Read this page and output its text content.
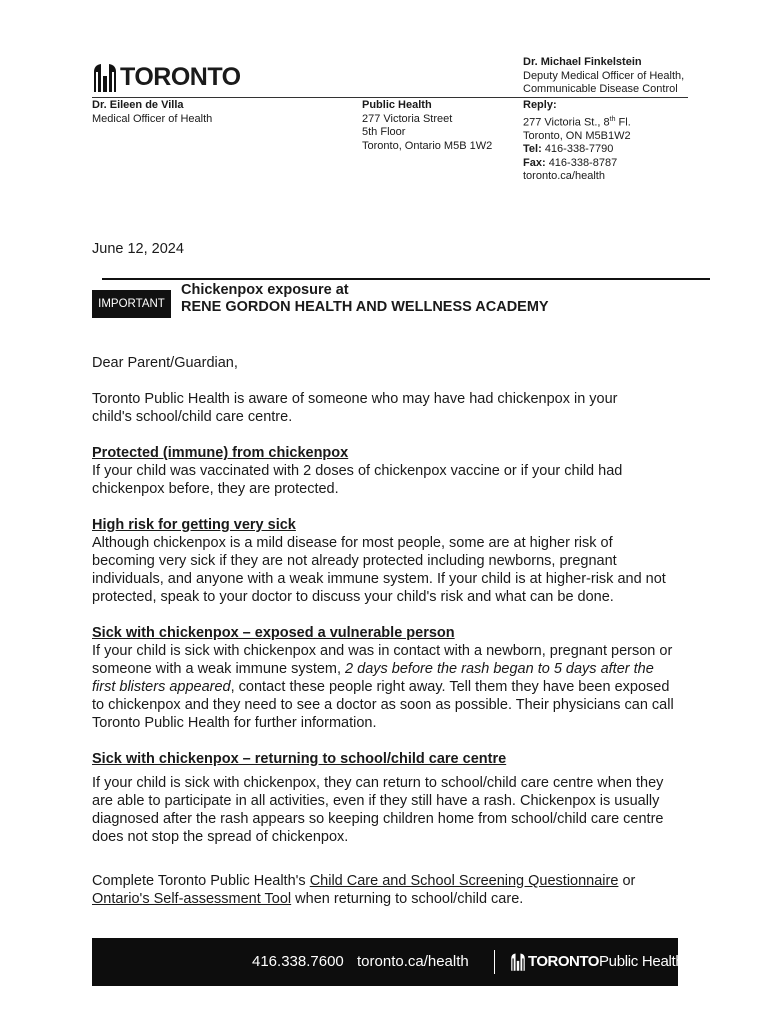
TORONTO
Dr. Eileen de Villa
Medical Officer of Health
Public Health
277 Victoria Street
5th Floor
Toronto, Ontario M5B 1W2
Dr. Michael Finkelstein
Deputy Medical Officer of Health,
Communicable Disease Control
Reply:
277 Victoria St., 8th Fl.
Toronto, ON M5B1W2
Tel: 416-338-7790
Fax: 416-338-8787
toronto.ca/health
June 12, 2024
IMPORTANT
Chickenpox exposure at
RENE GORDON HEALTH AND WELLNESS ACADEMY
Dear Parent/Guardian,
Toronto Public Health is aware of someone who may have had chickenpox in your child's school/child care centre.
Protected (immune) from chickenpox
If your child was vaccinated with 2 doses of chickenpox vaccine or if your child had chickenpox before, they are protected.
High risk for getting very sick
Although chickenpox is a mild disease for most people, some are at higher risk of becoming very sick if they are not already protected including newborns, pregnant individuals, and anyone with a weak immune system. If your child is at higher-risk and not protected, speak to your doctor to discuss your child's risk and what can be done.
Sick with chickenpox – exposed a vulnerable person
If your child is sick with chickenpox and was in contact with a newborn, pregnant person or someone with a weak immune system, 2 days before the rash began to 5 days after the first blisters appeared, contact these people right away. Tell them they have been exposed to chickenpox and they need to see a doctor as soon as possible. Their physicians can call Toronto Public Health for further information.
Sick with chickenpox – returning to school/child care centre
If your child is sick with chickenpox, they can return to school/child care centre when they are able to participate in all activities, even if they still have a rash. Chickenpox is usually diagnosed after the rash appears so keeping children home from school/child care centre does not stop the spread of chickenpox.
Complete Toronto Public Health's Child Care and School Screening Questionnaire or Ontario's Self-assessment Tool when returning to school/child care.
416.338.7600 toronto.ca/health	TORONTOPublic Health
